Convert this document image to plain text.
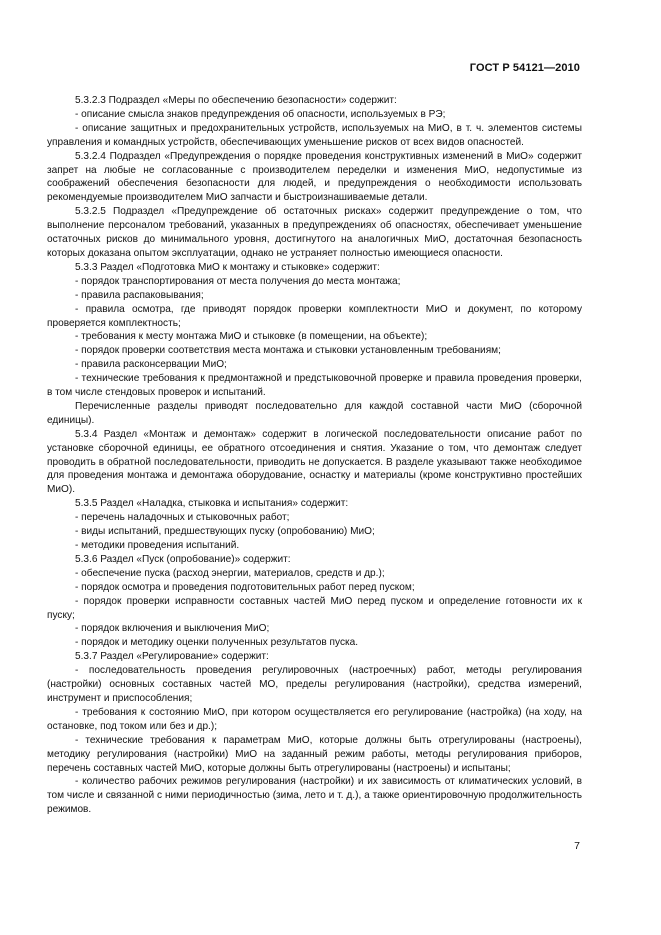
ГОСТ Р 54121—2010

5.3.2.3 Подраздел «Меры по обеспечению безопасности» содержит:

- описание смысла знаков предупреждения об опасности, используемых в РЭ;

- описание защитных и предохранительных устройств, используемых на МиО, в т. ч. элементов системы управления и командных устройств, обеспечивающих уменьшение рисков от всех видов опасностей.

5.3.2.4 Подраздел «Предупреждения о порядке проведения конструктивных изменений в МиО» содержит запрет на любые не согласованные с производителем переделки и изменения МиО, недопустимые из соображений обеспечения безопасности для людей, и предупреждения о необходимости использовать рекомендуемые производителем МиО запчасти и быстроизнашиваемые детали.

5.3.2.5 Подраздел «Предупреждение об остаточных рисках» содержит предупреждение о том, что выполнение персоналом требований, указанных в предупреждениях об опасностях, обеспечивает уменьшение остаточных рисков до минимального уровня, достигнутого на аналогичных МиО, достаточная безопасность которых доказана опытом эксплуатации, однако не устраняет полностью имеющиеся опасности.

5.3.3 Раздел «Подготовка МиО к монтажу и стыковке» содержит:

- порядок транспортирования от места получения до места монтажа;

- правила распаковывания;

- правила осмотра, где приводят порядок проверки комплектности МиО и документ, по которому проверяется комплектность;

- требования к месту монтажа МиО и стыковке (в помещении, на объекте);

- порядок проверки соответствия места монтажа и стыковки установленным требованиям;

- правила расконсервации МиО;

- технические требования к предмонтажной и предстыковочной проверке и правила проведения проверки, в том числе стендовых проверок и испытаний.

Перечисленные разделы приводят последовательно для каждой составной части МиО (сборочной единицы).

5.3.4 Раздел «Монтаж и демонтаж» содержит в логической последовательности описание работ по установке сборочной единицы, ее обратного отсоединения и снятия. Указание о том, что демонтаж следует проводить в обратной последовательности, приводить не допускается. В разделе указывают также необходимое для проведения монтажа и демонтажа оборудование, оснастку и материалы (кроме конструктивно простейших МиО).

5.3.5 Раздел «Наладка, стыковка и испытания» содержит:

- перечень наладочных и стыковочных работ;

- виды испытаний, предшествующих пуску (опробованию) МиО;

- методики проведения испытаний.

5.3.6 Раздел «Пуск (опробование)» содержит:

- обеспечение пуска (расход энергии, материалов, средств и др.);

- порядок осмотра и проведения подготовительных работ перед пуском;

- порядок проверки исправности составных частей МиО перед пуском и определение готовности их к пуску;

- порядок включения и выключения МиО;

- порядок и методику оценки полученных результатов пуска.

5.3.7 Раздел «Регулирование» содержит:

- последовательность проведения регулировочных (настроечных) работ, методы регулирования (настройки) основных составных частей МО, пределы регулирования (настройки), средства измерений, инструмент и приспособления;

- требования к состоянию МиО, при котором осуществляется его регулирование (настройка) (на ходу, на остановке, под током или без и др.);

- технические требования к параметрам МиО, которые должны быть отрегулированы (настроены), методику регулирования (настройки) МиО на заданный режим работы, методы регулирования приборов, перечень составных частей МиО, которые должны быть отрегулированы (настроены) и испытаны;

- количество рабочих режимов регулирования (настройки) и их зависимость от климатических условий, в том числе и связанной с ними периодичностью (зима, лето и т. д.), а также ориентировочную продолжительность режимов.

7
